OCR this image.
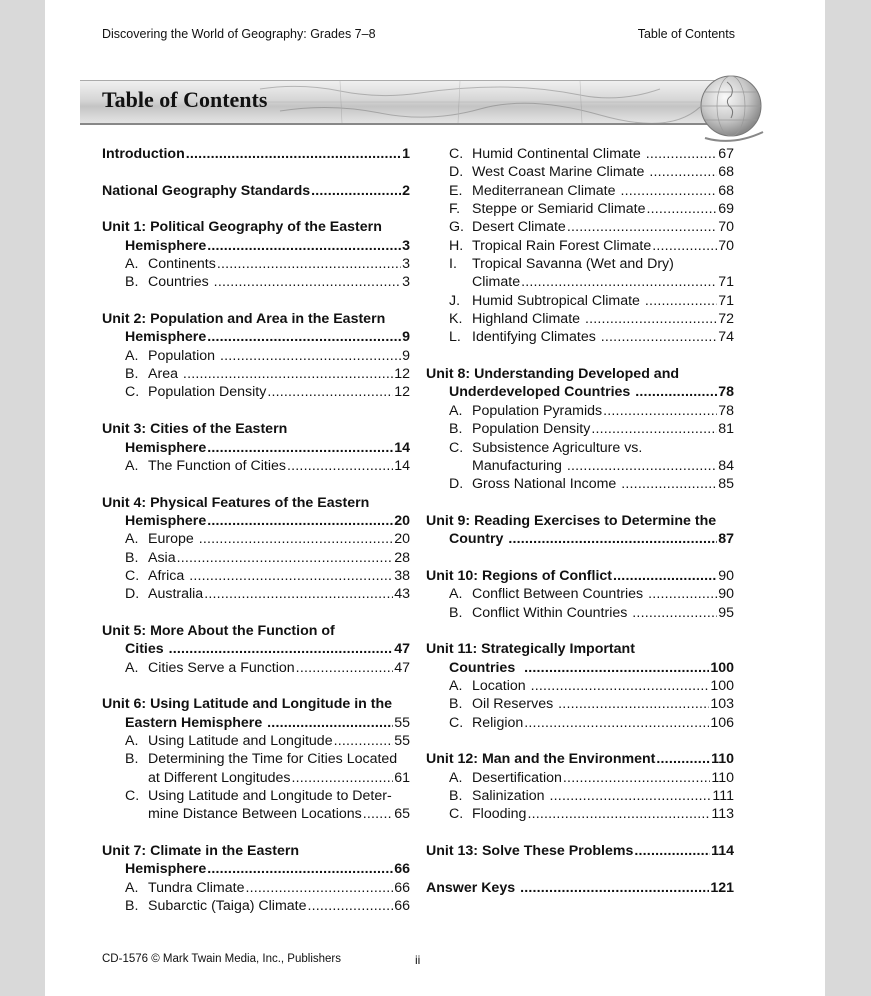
Discovering the World of Geography: Grades 7–8	Table of Contents
Table of Contents
Introduction .....	1
National Geography Standards .....	2
Unit 1: Political Geography of the Eastern
Hemisphere .....	3
A. Continents .....	3
B. Countries .....	3
Unit 2: Population and Area in the Eastern
Hemisphere .....	9
A. Population .....	9
B. Area .....	12
C. Population Density .....	12
Unit 3: Cities of the Eastern
Hemisphere .....	14
A. The Function of Cities .....	14
Unit 4: Physical Features of the Eastern
Hemisphere .....	20
A. Europe .....	20
B. Asia .....	28
C. Africa .....	38
D. Australia .....	43
Unit 5: More About the Function of
Cities .....	47
A. Cities Serve a Function .....	47
Unit 6: Using Latitude and Longitude in the
Eastern Hemisphere .....	55
A. Using Latitude and Longitude .....	55
B. Determining the Time for Cities Located
at Different Longitudes .....	61
C. Using Latitude and Longitude to Deter-
mine Distance Between Locations ..... 65
Unit 7: Climate in the Eastern
Hemisphere .....	66
A. Tundra Climate .....	66
B. Subarctic (Taiga) Climate .....	66
C. Humid Continental Climate .....	67
D. West Coast Marine Climate .....	68
E. Mediterranean Climate .....	68
F. Steppe or Semiarid Climate .....	69
G. Desert Climate .....	70
H. Tropical Rain Forest Climate .....	70
I.	Tropical Savanna (Wet and Dry)
Climate .....	71
J. Humid Subtropical Climate .....	71
K. Highland Climate .....	72
L. Identifying Climates .....	74
Unit 8: Understanding Developed and
Underdeveloped Countries .....	78
A. Population Pyramids .....	78
B. Population Density .....	81
C. Subsistence Agriculture vs.
Manufacturing .....	84
D. Gross National Income .....	85
Unit 9: Reading Exercises to Determine the
Country .....	87
Unit 10: Regions of Conflict .....	90
A. Conflict Between Countries .....	90
B. Conflict Within Countries .....	95
Unit 11: Strategically Important
Countries .....	100
A. Location .....	100
B. Oil Reserves .....	103
C. Religion .....	106
Unit 12: Man and the Environment .....	110
A. Desertification .....	110
B. Salinization .....	111
C. Flooding .....	113
Unit 13: Solve These Problems .....	114
Answer Keys .....	121
CD-1576 © Mark Twain Media, Inc., Publishers	ii
